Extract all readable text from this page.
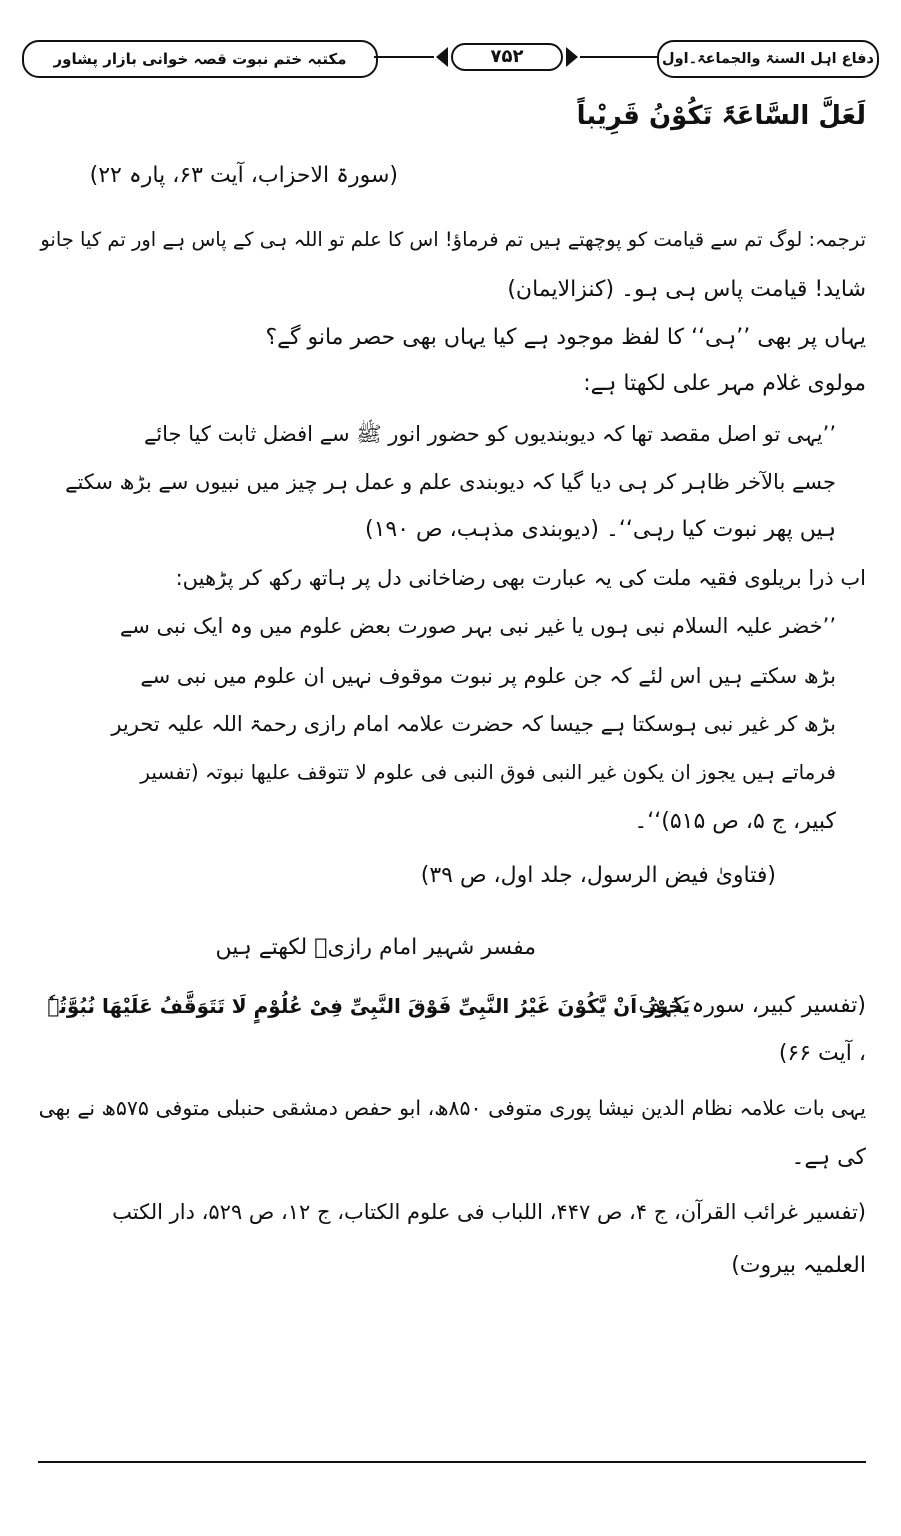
مکتبہ ختم نبوت قصہ خوانی بازار پشاور	۷۵۲	دفاع اہل السنۃ والجماعۃ۔اول
لَعَلَّ السَّاعَۃَ تَکُوْنُ قَرِیْباً
(سورۃ الاحزاب، آیت ۶۳، پارہ ۲۲)
ترجمہ: لوگ تم سے قیامت کو پوچھتے ہیں تم فرماؤ! اس کا علم تو اللہ ہی کے پاس ہے اور تم کیا جانو
شاید! قیامت پاس ہی ہو۔ (کنزالایمان)
یہاں پر بھی ’’ہی‘‘ کا لفظ موجود ہے کیا یہاں بھی حصر مانو گے؟
مولوی غلام مہر علی لکھتا ہے:
’’یہی تو اصل مقصد تھا کہ دیوبندیوں کو حضور انور ﷺ سے افضل ثابت کیا جائے
جسے بالآخر ظاہر کر ہی دیا گیا کہ دیوبندی علم و عمل ہر چیز میں نبیوں سے بڑھ سکتے
ہیں پھر نبوت کیا رہی‘‘۔ (دیوبندی مذہب، ص ۱۹۰)
اب ذرا بریلوی فقیہ ملت کی یہ عبارت بھی رضاخانی دل پر ہاتھ رکھ کر پڑھیں:
’’خضر علیہ السلام نبی ہوں یا غیر نبی بہر صورت بعض علوم میں وہ ایک نبی سے
بڑھ سکتے ہیں اس لئے کہ جن علوم پر نبوت موقوف نہیں ان علوم میں نبی سے
بڑھ کر غیر نبی ہوسکتا ہے جیسا کہ حضرت علامہ امام رازی رحمۃ اللہ علیہ تحریر
فرماتے ہیں یجوز ان یکون غیر النبی فوق النبی فی علوم لا تتوقف علیھا نبوتہ (تفسیر
کبیر، ج ۵، ص ۵۱۵)‘‘۔
(فتاویٰ فیض الرسول، جلد اول، ص ۳۹)
مفسر شہیر امام رازیؒ لکھتے ہیں
یَجُوْزُ اَنْ یَّکُوْنَ غَیْرُ النَّبِیِّ فَوْقَ النَّبِیِّ فِیْ عُلُوْمٍ لَا تَتَوَقَّفُ عَلَیْھَا نُبُوَّتُہٗ
(تفسیر کبیر، سورہ کہف
، آیت ۶۶)
یہی بات علامہ نظام الدین نیشا پوری متوفی ۸۵۰ھ، ابو حفص دمشقی حنبلی متوفی ۵۷۵ھ نے بھی
کی ہے۔
(تفسیر غرائب القرآن، ج ۴، ص ۴۴۷، اللباب فی علوم الکتاب، ج ۱۲، ص ۵۲۹، دار الکتب
العلمیہ بیروت)
